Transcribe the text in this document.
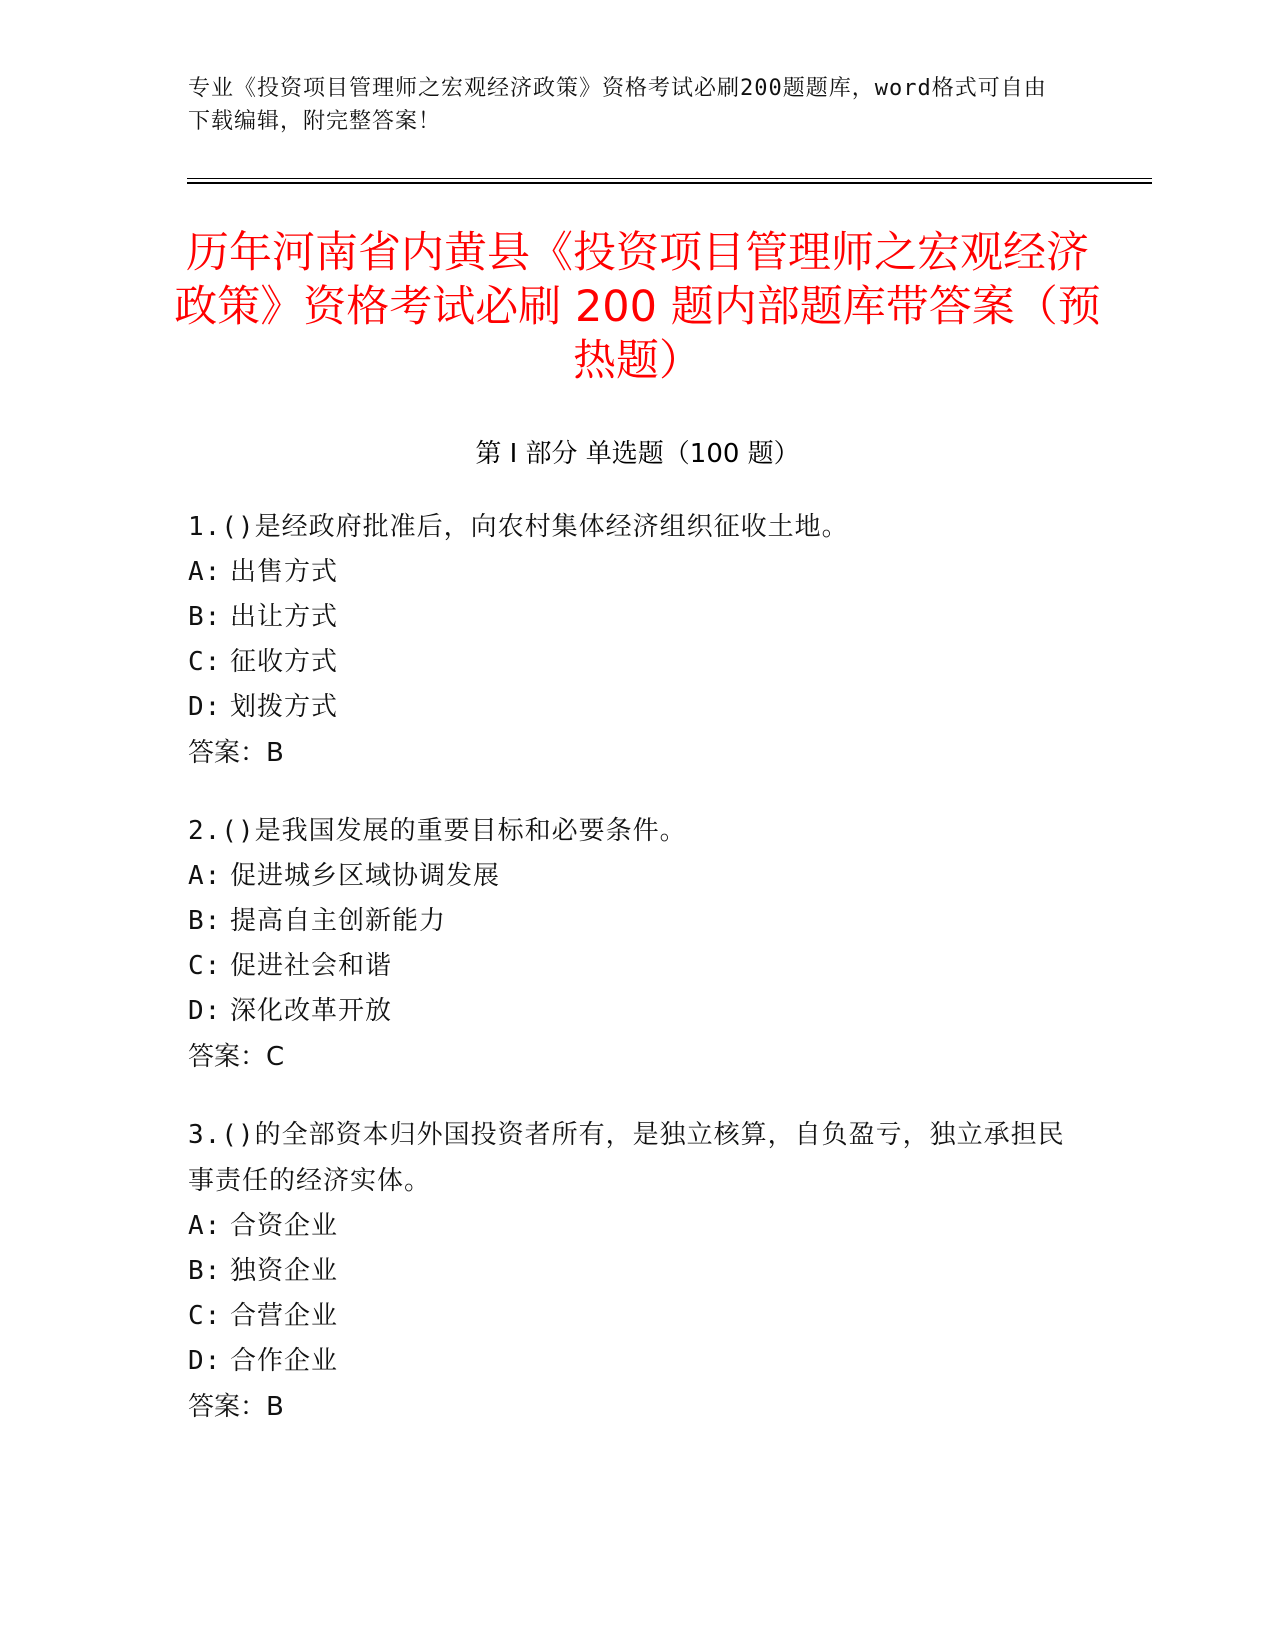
专业《投资项目管理师之宏观经济政策》资格考试必刷200题题库，word格式可自由下载编辑，附完整答案！
历年河南省内黄县《投资项目管理师之宏观经济政策》资格考试必刷 200 题内部题库带答案（预热题）
第 I 部分 单选题（100 题）
1.()是经政府批准后，向农村集体经济组织征收土地。
A: 出售方式
B: 出让方式
C: 征收方式
D: 划拨方式
答案：B
2.()是我国发展的重要目标和必要条件。
A: 促进城乡区域协调发展
B: 提高自主创新能力
C: 促进社会和谐
D: 深化改革开放
答案：C
3.()的全部资本归外国投资者所有，是独立核算，自负盈亏，独立承担民事责任的经济实体。
A: 合资企业
B: 独资企业
C: 合营企业
D: 合作企业
答案：B
